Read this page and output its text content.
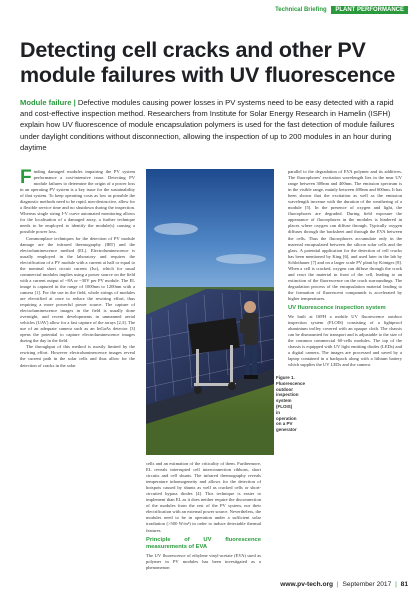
Technical Briefing PLANT PERFORMANCE
Detecting cell cracks and other PV module failures with UV fluorescence
Module failure | Defective modules causing power losses in PV systems need to be easy detected with a rapid and cost-effective inspection method. Researchers from Institute for Solar Energy Research in Hamelin (ISFH) explain how UV fluorescence of module encapsulation polymers is used for the fast detection of module failures under daylight conditions without disconnection, allowing the inspection of up to 200 modules in an hour during daytime
F inding damaged modules impairing the PV system performance a cost-intensive issue. Detecting PV module failures to determine the origin of a power loss in an operating PV system is a key issue for the sustainability of that system. To keep operating costs as low as possible the diagnostic methods need to be rapid, non-destructive, allow for a flexible service time and no shutdown during the inspection. Whereas single string I-V curve automated monitoring allows for the localisation of a damaged array, a further technique needs to be employed to identify the module(s) causing a possible power loss.

Commonplace techniques for the detection of PV module damage are the infrared thermography (IRT) and the electroluminescence method (EL). Electroluminescence is usually employed in the laboratory and requires the electrification of a PV module with a current at half or equal to the nominal short circuit current (Isc), which for usual commercial modules implies using a power source on the field with a current output of ~8A or ~30V per PV module. The EL image is captured in the range of 1000nm to 1200nm with a camera [1]. For the use in the field, whole strings of modules are electrified at once to reduce the rewiring effort, thus requiring a more powerful power source. The capture of electroluminescence images in the field is usually done overnight, and recent developments in unmanned aerial vehicles (UAV) allow for a fast capture of the arrays [2,3]. The use of an adequate camera such as an InGaAs detector [3] opens the potential to capture electroluminescence images during the day in the field.

The throughput of this method is mostly limited by the rewiring effort. However electroluminescence images reveal the current path in the solar cells and thus allow for the detection of cracks in the solar

Figure 1. Fluorescence outdoor inspection system (FLOIS) in operation on a PV generator

cells and an estimation of the criticality of them. Furthermore, EL reveals interrupted cell interconnection ribbons, short circuits and cell shunts. The infrared thermography reveals temperature inhomogeneity and allows for the detection of hotspots caused by shunts as well as cracked cells or short-circuited bypass diodes [4]. This technique is easier to implement than EL as it does neither require the disconnection of the modules from the rest of the PV system, nor their electrification with an external power source. Nevertheless, the modules need to be in operation under a sufficient solar irradiation (>500 W/m²) in order to induce detectable thermal features.

Principle of UV fluorescence measurements of EVA

The UV fluorescence of ethylene vinyl-acetate (EVA) used as polymer in PV modules has been investigated as a phenomenon

parallel to the degradation of EVA polymer and its additives. The fluorophores' excitation wavelength lies in the near UV range between 300nm and 400nm. The emission spectrum is in the visible range, mainly between 400nm and 600nm. It has been shown that the excitation as well as the emission wavelength increase with the duration of the weathering of a module [5]. In the presence of oxygen and light, the fluorophores are degraded. During field exposure the appearance of fluorophores in the modules is hindered in places where oxygen can diffuse through. Typically oxygen diffuses through the backsheet and through the EVA between the cells. Thus the fluorophores accumulate only in the material encapsulated between the silicon solar cells and the glass. A potential application for the detection of cell cracks has been mentioned by King [6], and used later in the lab by Schlothauer [7] and on a larger scale PV plant by Köntges [8]. When a cell is cracked, oxygen can diffuse through the crack and react the material in front of the cell, leading to an extinction of the fluorescence on the crack surroundings. The degradation process of the encapsulation material leading to the formation of fluorescent compounds is accelerated by higher temperatures.

UV fluorescence inspection system

We built at ISFH a mobile UV fluorescence outdoor inspection system (FLOIS) consisting of a lightproof aluminium trolley covered with an opaque cloth. The chassis can be dismounted for transport and is adjustable to the size of the common commercial 60-cells modules. The top of the chassis is equipped with UV light emitting diodes (LEDs) and a digital camera. The images are processed and saved by a laptop contained in a backpack along with a lithium battery which supplies the UV LEDs and the camera.

www.pv-tech.org | September 2017 | 81
